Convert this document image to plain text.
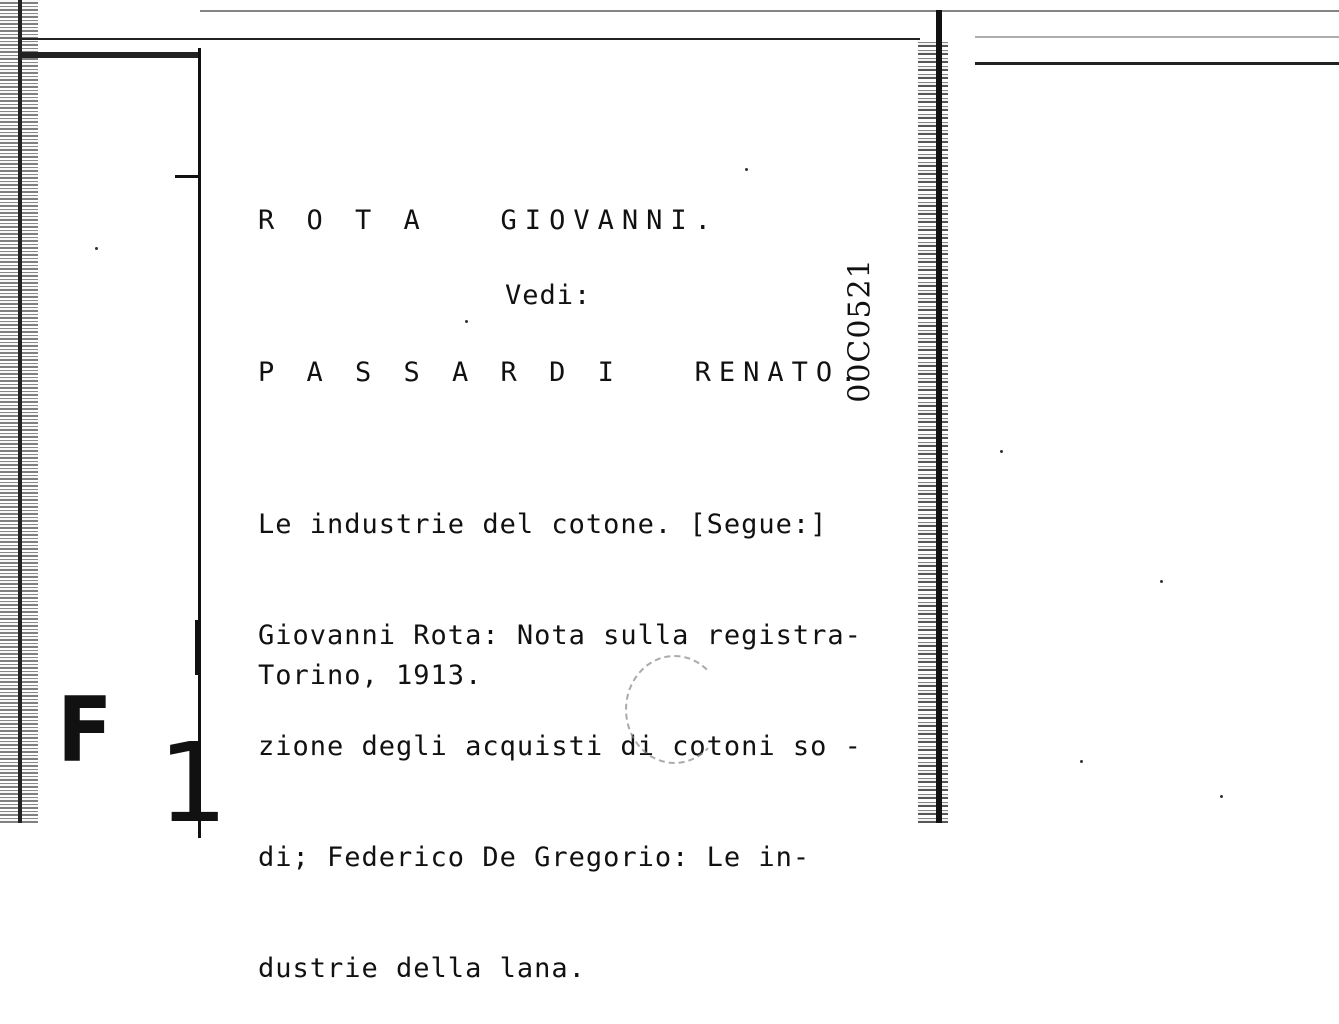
R O T A   GIOVANNI.
Vedi:
P A S S A R D I   RENATO.

Le industrie del cotone. [Segue:]

Giovanni Rota: Nota sulla registra-

zione degli acquisti di cotoni so -

di; Federico De Gregorio: Le in-

dustrie della lana.

Torino, 1913.
00C0521
F 1
